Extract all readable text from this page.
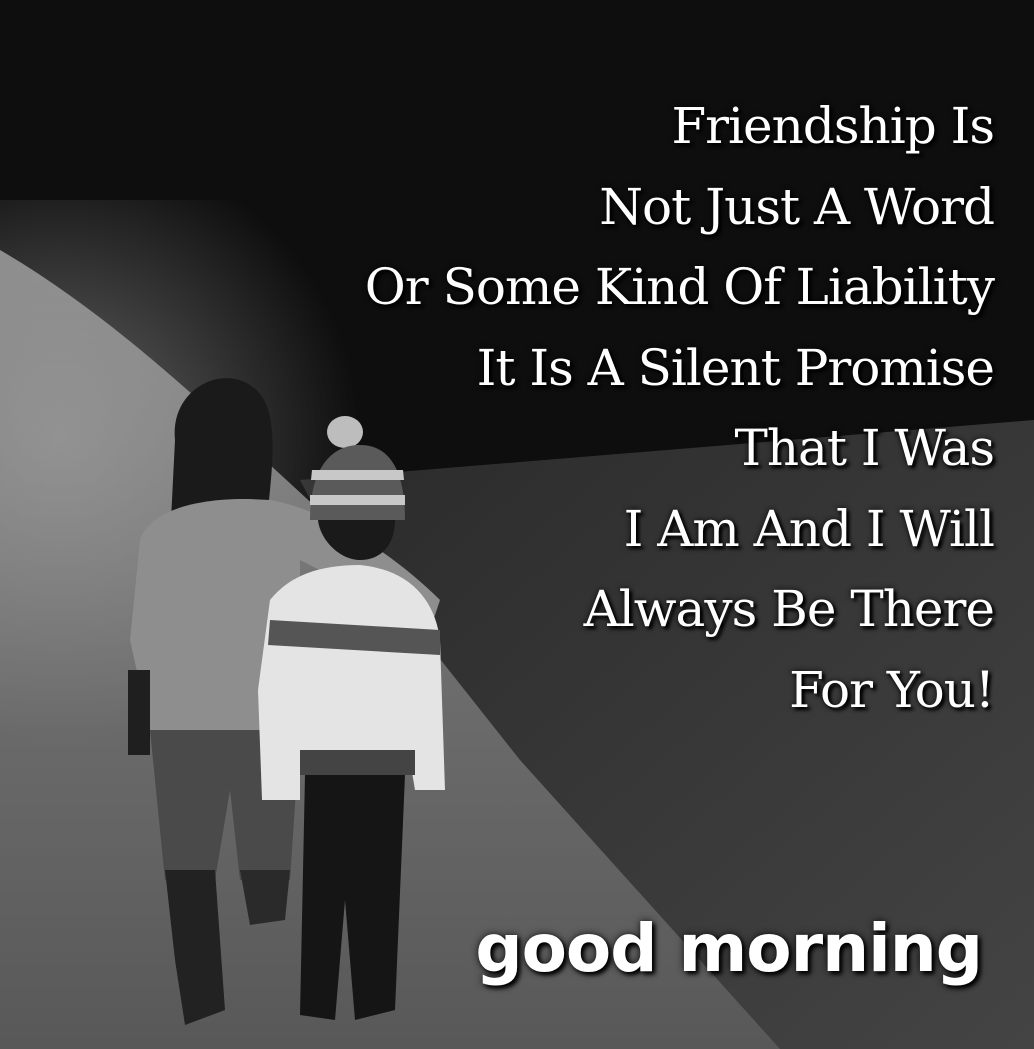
Friendship Is
Not Just A Word
Or Some Kind Of Liability
It Is A Silent Promise
That I Was
I Am And I Will
Always Be There
For You!
good morning
